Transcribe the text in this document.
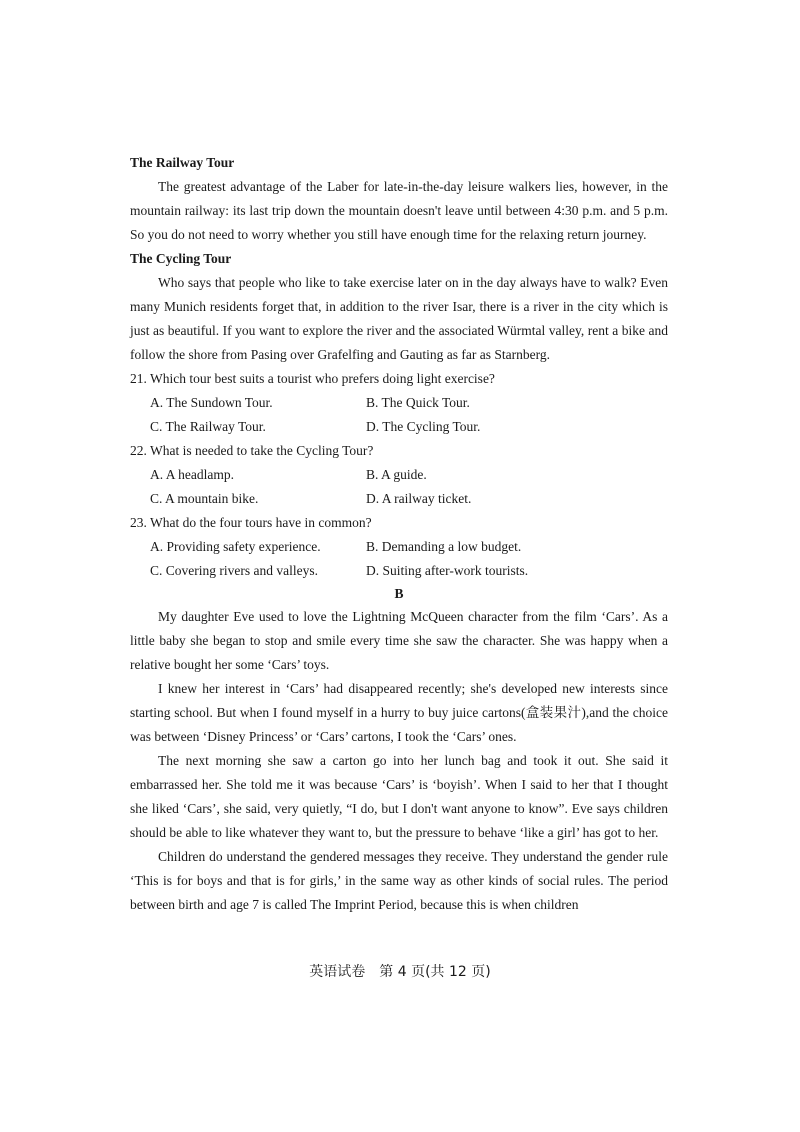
The Railway Tour

The greatest advantage of the Laber for late-in-the-day leisure walkers lies, however, in the mountain railway: its last trip down the mountain doesn't leave until between 4:30 p.m. and 5 p.m. So you do not need to worry whether you still have enough time for the relaxing return journey.

The Cycling Tour

Who says that people who like to take exercise later on in the day always have to walk? Even many Munich residents forget that, in addition to the river Isar, there is a river in the city which is just as beautiful. If you want to explore the river and the associated Würmtal valley, rent a bike and follow the shore from Pasing over Grafelfing and Gauting as far as Starnberg.

21. Which tour best suits a tourist who prefers doing light exercise?

A. The Sundown Tour.	B. The Quick Tour.
C. The Railway Tour.	D. The Cycling Tour.

22. What is needed to take the Cycling Tour?

A. A headlamp.	B. A guide.
C. A mountain bike.	D. A railway ticket.

23. What do the four tours have in common?

A. Providing safety experience.	B. Demanding a low budget.
C. Covering rivers and valleys.	D. Suiting after-work tourists.
B

My daughter Eve used to love the Lightning McQueen character from the film ‘Cars’. As a little baby she began to stop and smile every time she saw the character. She was happy when a relative bought her some ‘Cars’ toys.

I knew her interest in ‘Cars’ had disappeared recently; she's developed new interests since starting school. But when I found myself in a hurry to buy juice cartons(盒装果汁),and the choice was between ‘Disney Princess’ or ‘Cars’ cartons, I took the ‘Cars’ ones.

The next morning she saw a carton go into her lunch bag and took it out. She said it embarrassed her. She told me it was because ‘Cars’ is ‘boyish’. When I said to her that I thought she liked ‘Cars’, she said, very quietly, “I do, but I don't want anyone to know”. Eve says children should be able to like whatever they want to, but the pressure to behave ‘like a girl’ has got to her.

Children do understand the gendered messages they receive. They understand the gender rule ‘This is for boys and that is for girls,’ in the same way as other kinds of social rules. The period between birth and age 7 is called The Imprint Period, because this is when children

英语试卷　第 4 页(共 12 页)
